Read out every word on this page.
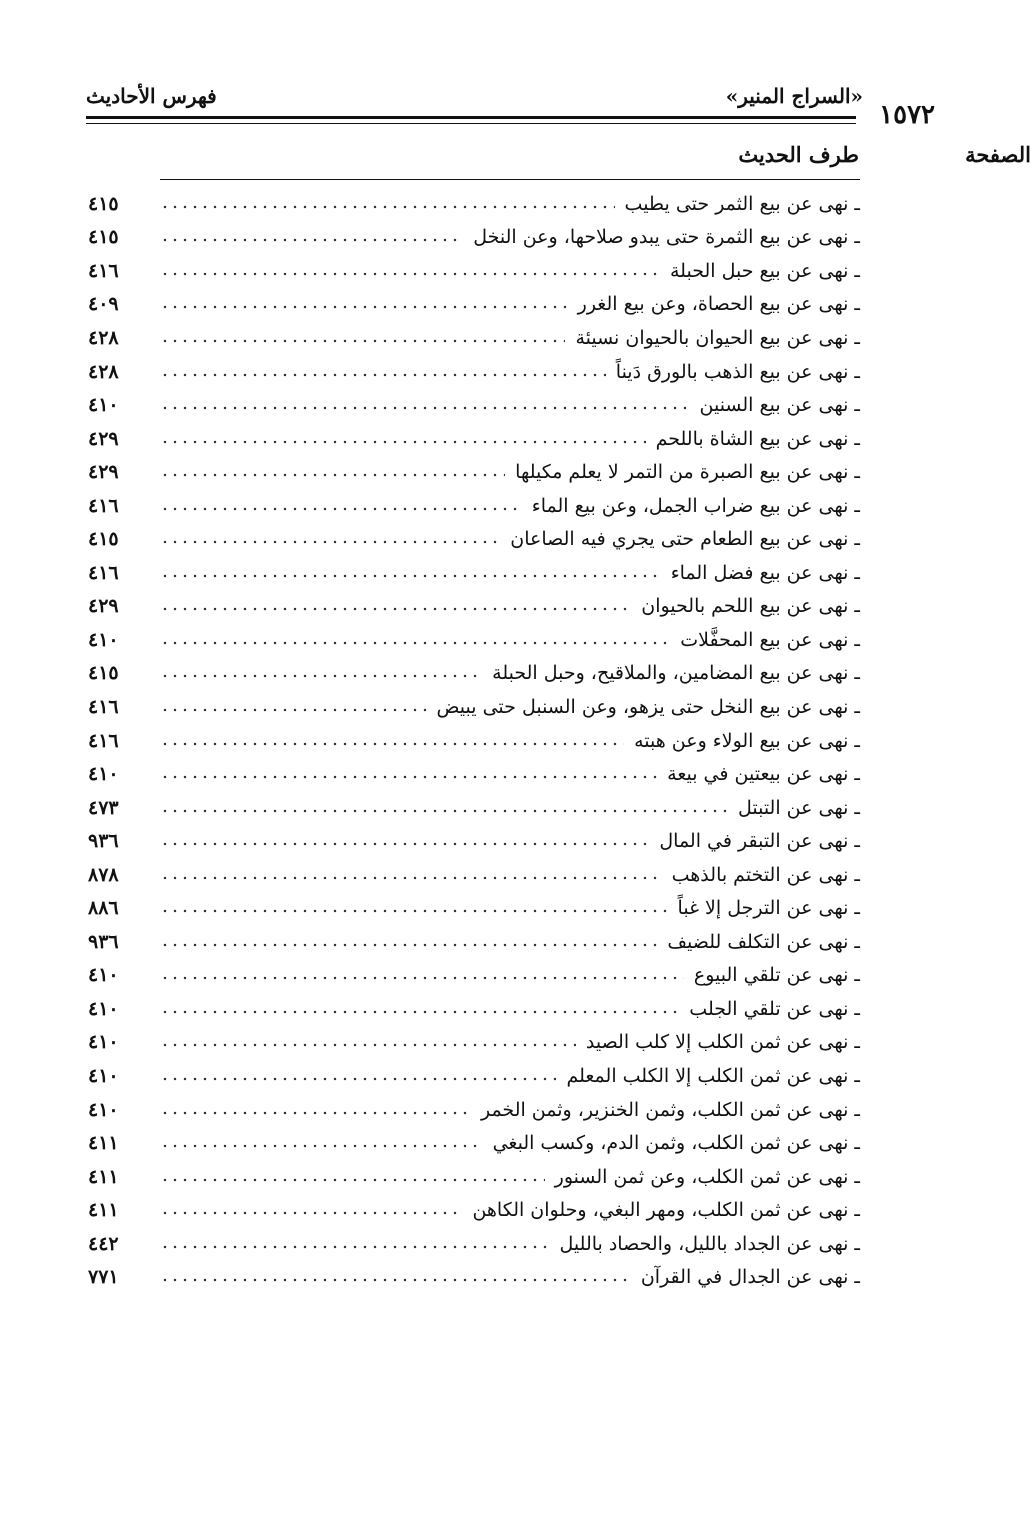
«السراج المنير»
فهرس الأحاديث
١٥٧٢
طرف الحديث	الصفحة
ـ نهى عن بيع الثمر حتى يطيب
٤١٥
ـ نهى عن بيع الثمرة حتى يبدو صلاحها، وعن النخل
٤١٥
ـ نهى عن بيع حبل الحبلة
٤١٦
ـ نهى عن بيع الحصاة، وعن بيع الغرر
٤٠٩
ـ نهى عن بيع الحيوان بالحيوان نسيئة
٤٢٨
ـ نهى عن بيع الذهب بالورق دَيناً
٤٢٨
ـ نهى عن بيع السنين
٤١٠
ـ نهى عن بيع الشاة باللحم
٤٢٩
ـ نهى عن بيع الصبرة من التمر لا يعلم مكيلها
٤٢٩
ـ نهى عن بيع ضراب الجمل، وعن بيع الماء
٤١٦
ـ نهى عن بيع الطعام حتى يجري فيه الصاعان
٤١٥
ـ نهى عن بيع فضل الماء
٤١٦
ـ نهى عن بيع اللحم بالحيوان
٤٢٩
ـ نهى عن بيع المحفَّلات
٤١٠
ـ نهى عن بيع المضامين، والملاقيح، وحبل الحبلة
٤١٥
ـ نهى عن بيع النخل حتى يزهو، وعن السنبل حتى يبيض
٤١٦
ـ نهى عن بيع الولاء وعن هبته
٤١٦
ـ نهى عن بيعتين في بيعة
٤١٠
ـ نهى عن التبتل
٤٧٣
ـ نهى عن التبقر في المال
٩٣٦
ـ نهى عن التختم بالذهب
٨٧٨
ـ نهى عن الترجل إلا غباً
٨٨٦
ـ نهى عن التكلف للضيف
٩٣٦
ـ نهى عن تلقي البيوع
٤١٠
ـ نهى عن تلقي الجلب
٤١٠
ـ نهى عن ثمن الكلب إلا كلب الصيد
٤١٠
ـ نهى عن ثمن الكلب إلا الكلب المعلم
٤١٠
ـ نهى عن ثمن الكلب، وثمن الخنزير، وثمن الخمر
٤١٠
ـ نهى عن ثمن الكلب، وثمن الدم، وكسب البغي
٤١١
ـ نهى عن ثمن الكلب، وعن ثمن السنور
٤١١
ـ نهى عن ثمن الكلب، ومهر البغي، وحلوان الكاهن
٤١١
ـ نهى عن الجداد بالليل، والحصاد بالليل
٤٤٢
ـ نهى عن الجدال في القرآن
٧٧١
